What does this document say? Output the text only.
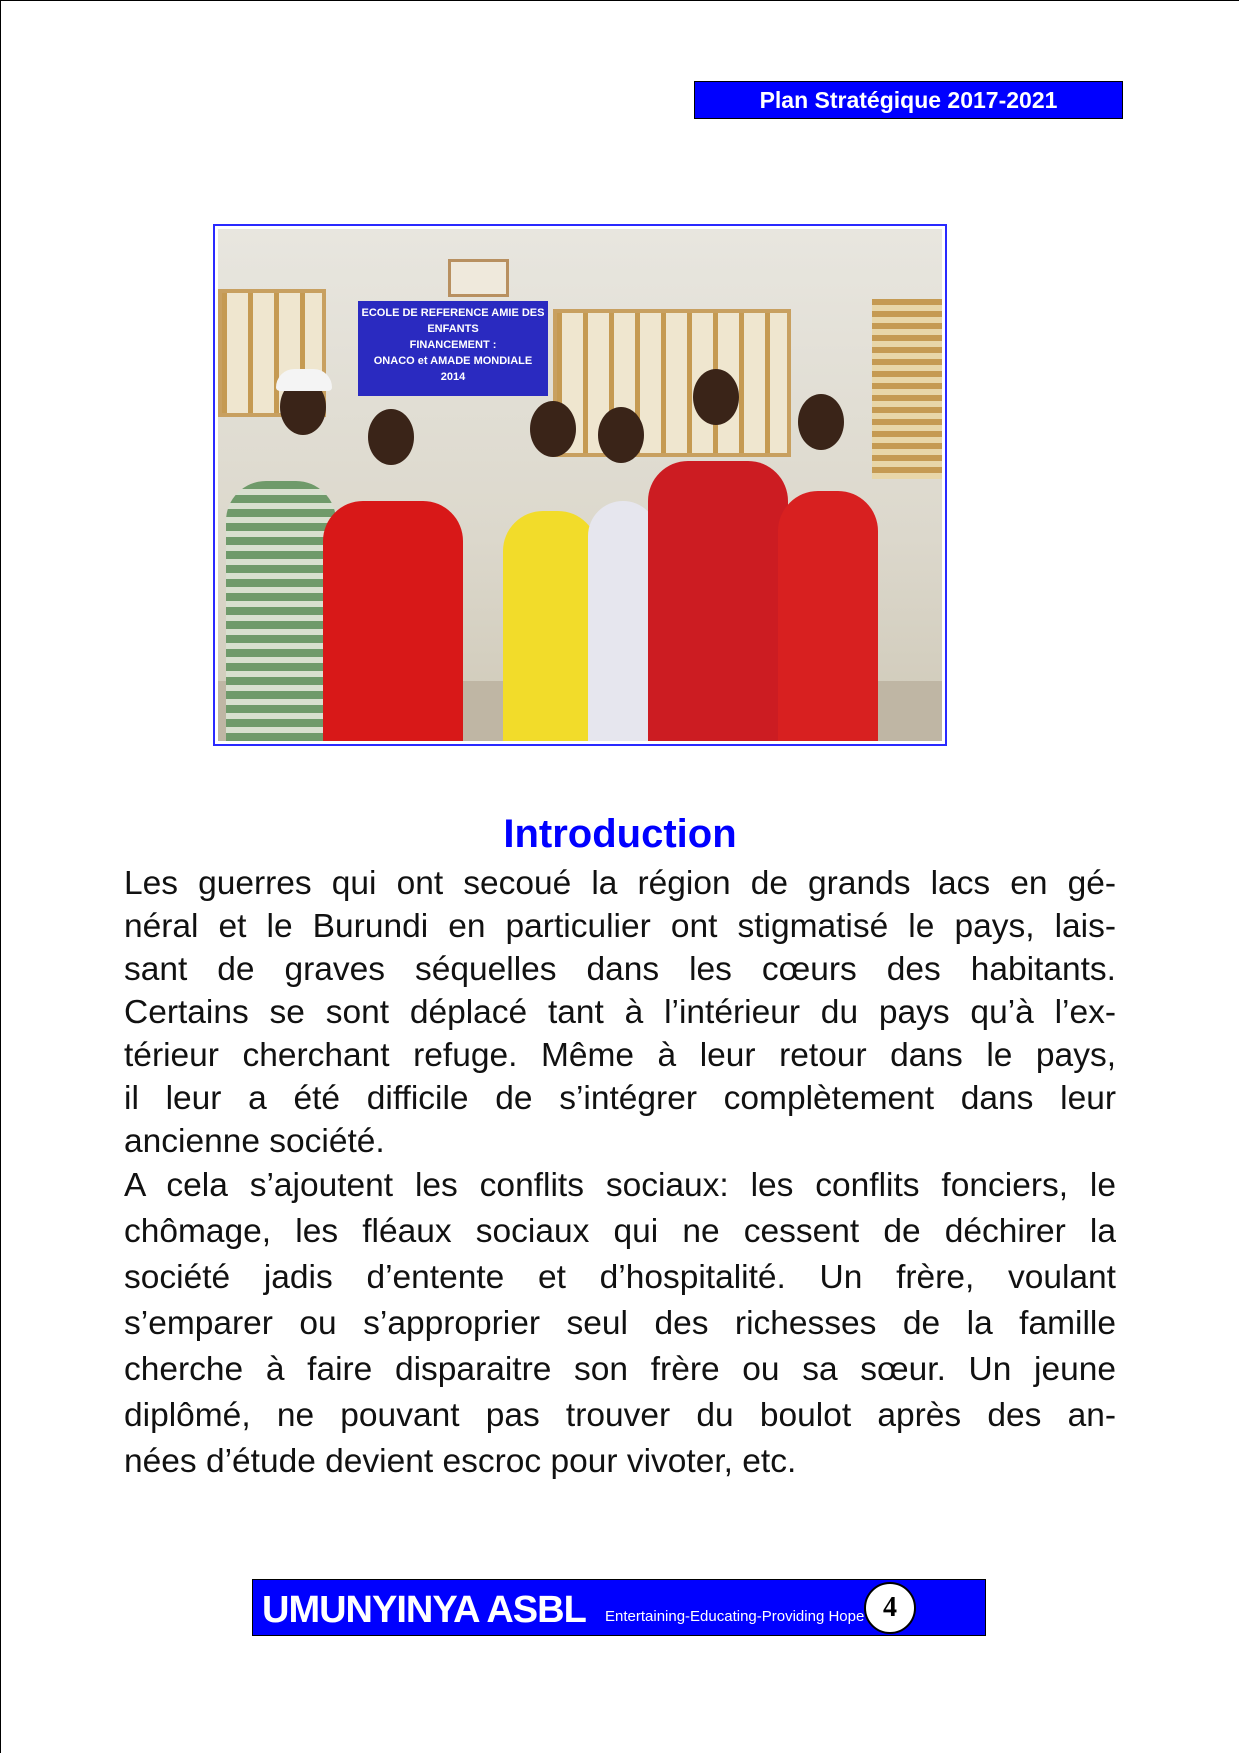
Plan Stratégique 2017-2021
ECOLE DE REFERENCE AMIE DES ENFANTS
FINANCEMENT :
ONACO et AMADE MONDIALE
2014
Introduction
Les guerres qui ont secoué la région de grands lacs en gé-
néral et le Burundi en particulier ont stigmatisé le pays, lais-
sant de graves séquelles dans les cœurs des habitants.
Certains se sont déplacé tant à l’intérieur du pays qu’à l’ex-
térieur cherchant refuge. Même à leur retour dans le pays,
il leur a été difficile de s’intégrer complètement dans leur
ancienne société.
A cela s’ajoutent les conflits sociaux: les conflits fonciers, le
chômage, les fléaux sociaux qui ne cessent de déchirer la
société jadis d’entente et d’hospitalité. Un frère, voulant
s’emparer ou s’approprier seul des richesses de la famille
cherche à faire disparaitre son frère ou sa sœur. Un jeune
diplômé, ne pouvant pas trouver du boulot après des an-
nées d’étude devient escroc pour vivoter, etc.
UMUNYINYA ASBL Entertaining-Educating-Providing Hope 4
